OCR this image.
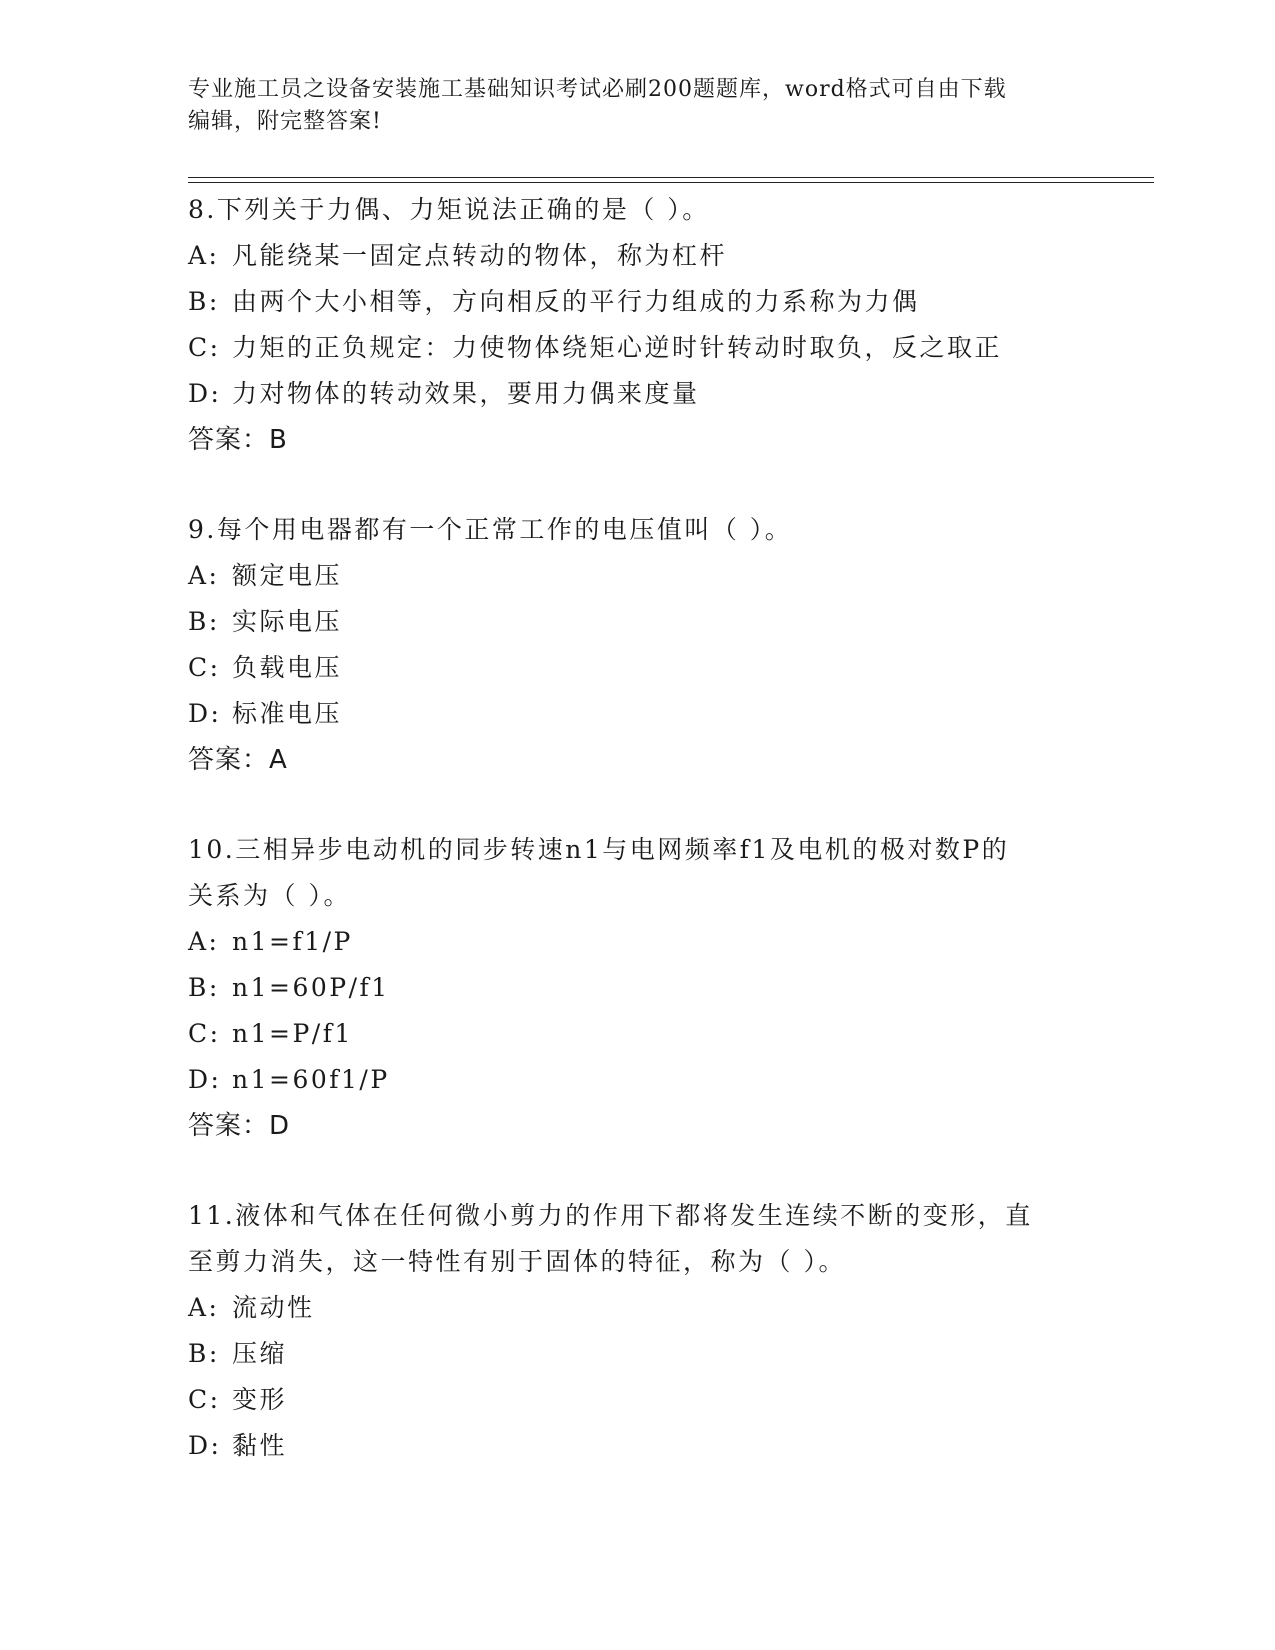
专业施工员之设备安装施工基础知识考试必刷200题题库，word格式可自由下载
编辑，附完整答案!
8.下列关于力偶、力矩说法正确的是（ ）。
A: 凡能绕某一固定点转动的物体，称为杠杆
B: 由两个大小相等，方向相反的平行力组成的力系称为力偶
C: 力矩的正负规定：力使物体绕矩心逆时针转动时取负，反之取正
D: 力对物体的转动效果，要用力偶来度量
答案：B
9.每个用电器都有一个正常工作的电压值叫（ ）。
A: 额定电压
B: 实际电压
C: 负载电压
D: 标准电压
答案：A
10.三相异步电动机的同步转速n1与电网频率f1及电机的极对数P的
关系为（ ）。
A: n1=f1/P
B: n1=60P/f1
C: n1=P/f1
D: n1=60f1/P
答案：D
11.液体和气体在任何微小剪力的作用下都将发生连续不断的变形，直
至剪力消失，这一特性有别于固体的特征，称为（ ）。
A: 流动性
B: 压缩
C: 变形
D: 黏性
